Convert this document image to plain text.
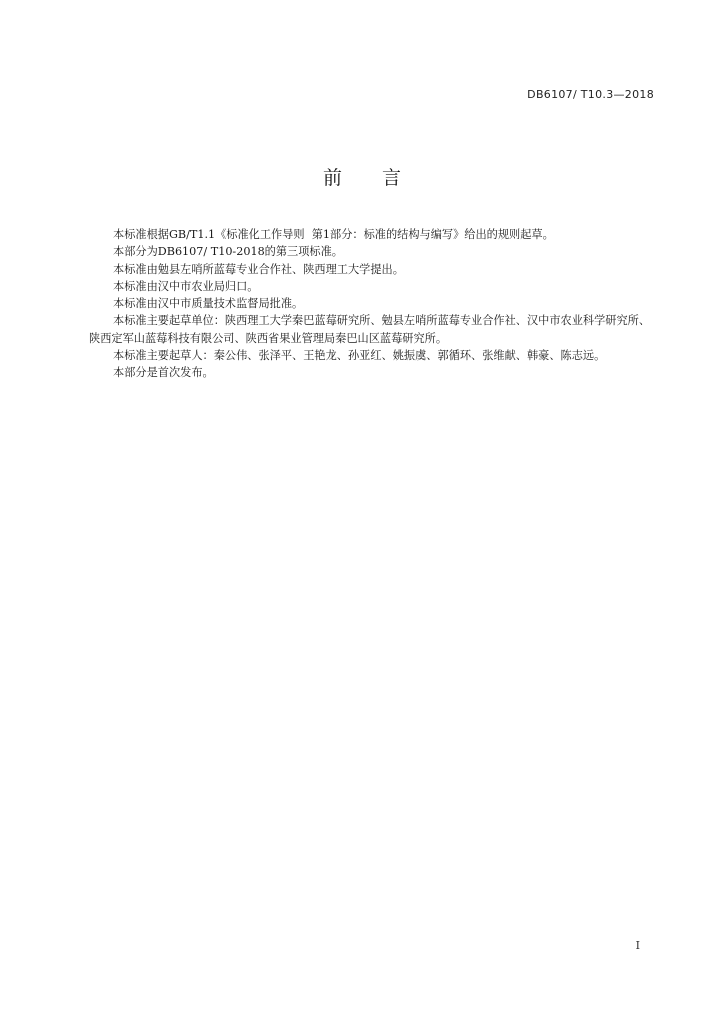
DB6107/ T10.3—2018
前言

本标准根据GB/T1.1《标准化工作导则  第1部分：标准的结构与编写》给出的规则起草。

本部分为DB6107/ T10-2018的第三项标准。

本标准由勉县左哨所蓝莓专业合作社、陕西理工大学提出。

本标准由汉中市农业局归口。

本标准由汉中市质量技术监督局批准。

本标准主要起草单位：陕西理工大学秦巴蓝莓研究所、勉县左哨所蓝莓专业合作社、汉中市农业科学研究所、陕西定军山蓝莓科技有限公司、陕西省果业管理局秦巴山区蓝莓研究所。

本标准主要起草人：秦公伟、张泽平、王艳龙、孙亚红、姚振虞、郭循环、张维献、韩豪、陈志远。

本部分是首次发布。

I
